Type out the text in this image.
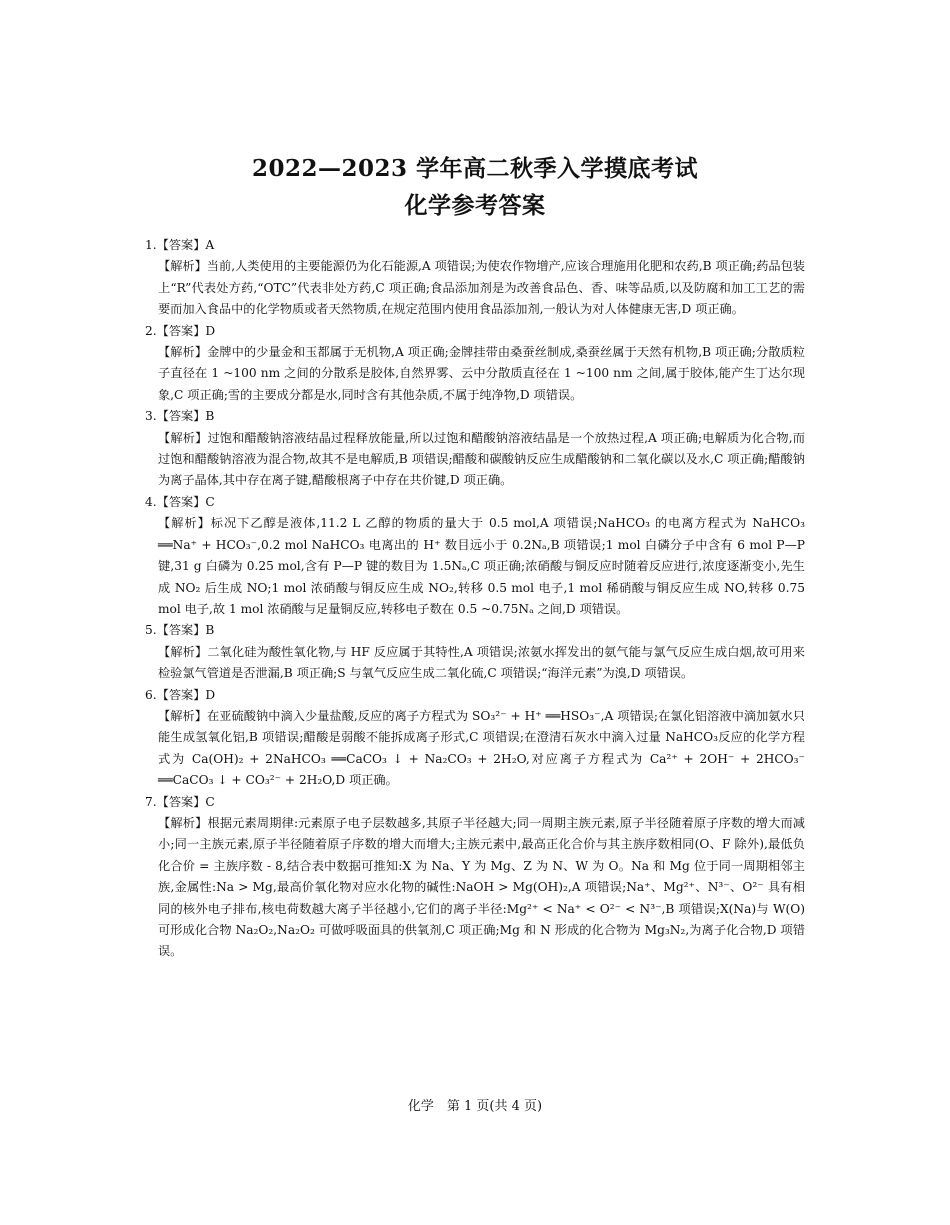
2022—2023 学年高二秋季入学摸底考试
化学参考答案

1.【答案】A

【解析】当前,人类使用的主要能源仍为化石能源,A 项错误;为使农作物增产,应该合理施用化肥和农药,B 项正确;药品包装上“R”代表处方药,“OTC”代表非处方药,C 项正确;食品添加剂是为改善食品色、香、味等品质,以及防腐和加工工艺的需要而加入食品中的化学物质或者天然物质,在规定范围内使用食品添加剂,一般认为对人体健康无害,D 项正确。

2.【答案】D

【解析】金牌中的少量金和玉都属于无机物,A 项正确;金牌挂带由桑蚕丝制成,桑蚕丝属于天然有机物,B 项正确;分散质粒子直径在 1 ~100 nm 之间的分散系是胶体,自然界雾、云中分散质直径在 1 ~100 nm 之间,属于胶体,能产生丁达尔现象,C 项正确;雪的主要成分都是水,同时含有其他杂质,不属于纯净物,D 项错误。

3.【答案】B

【解析】过饱和醋酸钠溶液结晶过程释放能量,所以过饱和醋酸钠溶液结晶是一个放热过程,A 项正确;电解质为化合物,而过饱和醋酸钠溶液为混合物,故其不是电解质,B 项错误;醋酸和碳酸钠反应生成醋酸钠和二氧化碳以及水,C 项正确;醋酸钠为离子晶体,其中存在离子键,醋酸根离子中存在共价键,D 项正确。

4.【答案】C

【解析】标况下乙醇是液体,11.2 L 乙醇的物质的量大于 0.5 mol,A 项错误;NaHCO₃ 的电离方程式为 NaHCO₃ ══Na⁺ + HCO₃⁻,0.2 mol NaHCO₃ 电离出的 H⁺ 数目远小于 0.2Nₐ,B 项错误;1 mol 白磷分子中含有 6 mol P—P 键,31 g 白磷为 0.25 mol,含有 P—P 键的数目为 1.5Nₐ,C 项正确;浓硝酸与铜反应时随着反应进行,浓度逐渐变小,先生成 NO₂ 后生成 NO;1 mol 浓硝酸与铜反应生成 NO₂,转移 0.5 mol 电子,1 mol 稀硝酸与铜反应生成 NO,转移 0.75 mol 电子,故 1 mol 浓硝酸与足量铜反应,转移电子数在 0.5 ~0.75Nₐ 之间,D 项错误。

5.【答案】B

【解析】二氧化硅为酸性氧化物,与 HF 反应属于其特性,A 项错误;浓氨水挥发出的氨气能与氯气反应生成白烟,故可用来检验氯气管道是否泄漏,B 项正确;S 与氧气反应生成二氧化硫,C 项错误;“海洋元素”为溴,D 项错误。

6.【答案】D

【解析】在亚硫酸钠中滴入少量盐酸,反应的离子方程式为 SO₃²⁻ + H⁺ ══HSO₃⁻,A 项错误;在氯化铝溶液中滴加氨水只能生成氢氧化铝,B 项错误;醋酸是弱酸不能拆成离子形式,C 项错误;在澄清石灰水中滴入过量 NaHCO₃反应的化学方程式为 Ca(OH)₂ + 2NaHCO₃ ══CaCO₃ ↓ + Na₂CO₃ + 2H₂O,对应离子方程式为 Ca²⁺ + 2OH⁻ + 2HCO₃⁻ ══CaCO₃ ↓ + CO₃²⁻ + 2H₂O,D 项正确。

7.【答案】C

【解析】根据元素周期律:元素原子电子层数越多,其原子半径越大;同一周期主族元素,原子半径随着原子序数的增大而减小;同一主族元素,原子半径随着原子序数的增大而增大;主族元素中,最高正化合价与其主族序数相同(O、F 除外),最低负化合价 = 主族序数 - 8,结合表中数据可推知:X 为 Na、Y 为 Mg、Z 为 N、W 为 O。Na 和 Mg 位于同一周期相邻主族,金属性:Na > Mg,最高价氧化物对应水化物的碱性:NaOH > Mg(OH)₂,A 项错误;Na⁺、Mg²⁺、N³⁻、O²⁻ 具有相同的核外电子排布,核电荷数越大离子半径越小,它们的离子半径:Mg²⁺ < Na⁺ < O²⁻ < N³⁻,B 项错误;X(Na)与 W(O)可形成化合物 Na₂O₂,Na₂O₂ 可做呼吸面具的供氧剂,C 项正确;Mg 和 N 形成的化合物为 Mg₃N₂,为离子化合物,D 项错误。

化学　第 1 页(共 4 页)
